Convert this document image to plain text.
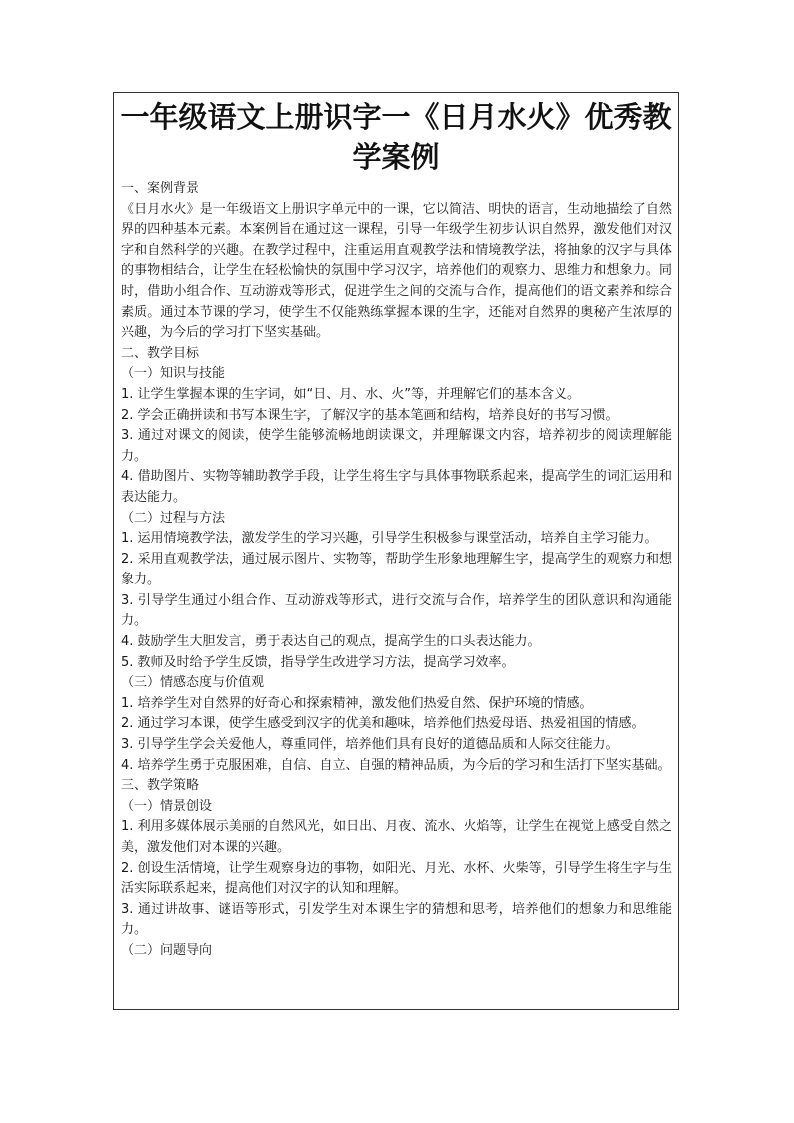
一年级语文上册识字一《日月水火》优秀教学案例

一、案例背景

《日月水火》是一年级语文上册识字单元中的一课，它以简洁、明快的语言，生动地描绘了自然界的四种基本元素。本案例旨在通过这一课程，引导一年级学生初步认识自然界，激发他们对汉字和自然科学的兴趣。在教学过程中，注重运用直观教学法和情境教学法，将抽象的汉字与具体的事物相结合，让学生在轻松愉快的氛围中学习汉字，培养他们的观察力、思维力和想象力。同时，借助小组合作、互动游戏等形式，促进学生之间的交流与合作，提高他们的语文素养和综合素质。通过本节课的学习，使学生不仅能熟练掌握本课的生字，还能对自然界的奥秘产生浓厚的兴趣，为今后的学习打下坚实基础。

二、教学目标

（一）知识与技能

1. 让学生掌握本课的生字词，如“日、月、水、火”等，并理解它们的基本含义。

2. 学会正确拼读和书写本课生字，了解汉字的基本笔画和结构，培养良好的书写习惯。

3. 通过对课文的阅读，使学生能够流畅地朗读课文，并理解课文内容，培养初步的阅读理解能力。

4. 借助图片、实物等辅助教学手段，让学生将生字与具体事物联系起来，提高学生的词汇运用和表达能力。

（二）过程与方法

1. 运用情境教学法，激发学生的学习兴趣，引导学生积极参与课堂活动，培养自主学习能力。

2. 采用直观教学法，通过展示图片、实物等，帮助学生形象地理解生字，提高学生的观察力和想象力。

3. 引导学生通过小组合作、互动游戏等形式，进行交流与合作，培养学生的团队意识和沟通能力。

4. 鼓励学生大胆发言，勇于表达自己的观点，提高学生的口头表达能力。

5. 教师及时给予学生反馈，指导学生改进学习方法，提高学习效率。

（三）情感态度与价值观

1. 培养学生对自然界的好奇心和探索精神，激发他们热爱自然、保护环境的情感。

2. 通过学习本课，使学生感受到汉字的优美和趣味，培养他们热爱母语、热爱祖国的情感。

3. 引导学生学会关爱他人，尊重同伴，培养他们具有良好的道德品质和人际交往能力。

4. 培养学生勇于克服困难，自信、自立、自强的精神品质，为今后的学习和生活打下坚实基础。

三、教学策略

（一）情景创设

1. 利用多媒体展示美丽的自然风光，如日出、月夜、流水、火焰等，让学生在视觉上感受自然之美，激发他们对本课的兴趣。

2. 创设生活情境，让学生观察身边的事物，如阳光、月光、水杯、火柴等，引导学生将生字与生活实际联系起来，提高他们对汉字的认知和理解。

3. 通过讲故事、谜语等形式，引发学生对本课生字的猜想和思考，培养他们的想象力和思维能力。

（二）问题导向
